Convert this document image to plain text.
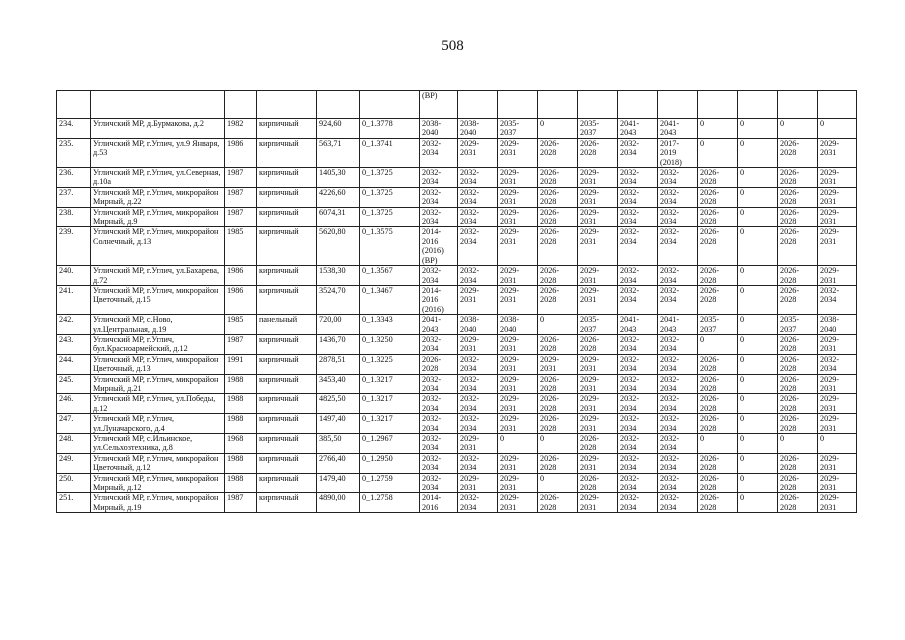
508
						(ВР)										
234.	Угличский МР, д.Бурмакова, д.2	1982	кирпичный	924,60	0_1.3778	2038-
2040	2038-
2040	2035-
2037	0	2035-
2037	2041-
2043	2041-
2043	0	0	0	0
235.	Угличский МР, г.Углич, ул.9 Января, д.53	1986	кирпичный	563,71	0_1.3741	2032-
2034	2029-
2031	2029-
2031	2026-
2028	2026-
2028	2032-
2034	2017-
2019
(2018)	0	0	2026-
2028	2029-
2031
236.	Угличский МР, г.Углич, ул.Северная, д.10а	1987	кирпичный	1405,30	0_1.3725	2032-
2034	2032-
2034	2029-
2031	2026-
2028	2029-
2031	2032-
2034	2032-
2034	2026-
2028	0	2026-
2028	2029-
2031
237.	Угличский МР, г.Углич, микрорайон Мирный, д.22	1987	кирпичный	4226,60	0_1.3725	2032-
2034	2032-
2034	2029-
2031	2026-
2028	2029-
2031	2032-
2034	2032-
2034	2026-
2028	0	2026-
2028	2029-
2031
238.	Угличский МР, г.Углич, микрорайон Мирный, д.9	1987	кирпичный	6074,31	0_1.3725	2032-
2034	2032-
2034	2029-
2031	2026-
2028	2029-
2031	2032-
2034	2032-
2034	2026-
2028	0	2026-
2028	2029-
2031
239.	Угличский МР, г.Углич, микрорайон Солнечный, д.13	1985	кирпичный	5620,80	0_1.3575	2014-
2016
(2016)
(ВР)	2032-
2034	2029-
2031	2026-
2028	2029-
2031	2032-
2034	2032-
2034	2026-
2028	0	2026-
2028	2029-
2031
240.	Угличский МР, г.Углич, ул.Бахарева, д.72	1986	кирпичный	1538,30	0_1.3567	2032-
2034	2032-
2034	2029-
2031	2026-
2028	2029-
2031	2032-
2034	2032-
2034	2026-
2028	0	2026-
2028	2029-
2031
241.	Угличский МР, г.Углич, микрорайон Цветочный, д.15	1986	кирпичный	3524,70	0_1.3467	2014-
2016
(2016)	2029-
2031	2029-
2031	2026-
2028	2029-
2031	2032-
2034	2032-
2034	2026-
2028	0	2026-
2028	2032-
2034
242.	Угличский МР, с.Ново, ул.Центральная, д.19	1985	панельный	720,00	0_1.3343	2041-
2043	2038-
2040	2038-
2040	0	2035-
2037	2041-
2043	2041-
2043	2035-
2037	0	2035-
2037	2038-
2040
243.	Угличский МР, г.Углич, бул.Красноармейский, д.12	1987	кирпичный	1436,70	0_1.3250	2032-
2034	2029-
2031	2029-
2031	2026-
2028	2026-
2028	2032-
2034	2032-
2034	0	0	2026-
2028	2029-
2031
244.	Угличский МР, г.Углич, микрорайон Цветочный, д.13	1991	кирпичный	2878,51	0_1.3225	2026-
2028	2032-
2034	2029-
2031	2029-
2031	2029-
2031	2032-
2034	2032-
2034	2026-
2028	0	2026-
2028	2032-
2034
245.	Угличский МР, г.Углич, микрорайон Мирный, д.21	1988	кирпичный	3453,40	0_1.3217	2032-
2034	2032-
2034	2029-
2031	2026-
2028	2029-
2031	2032-
2034	2032-
2034	2026-
2028	0	2026-
2028	2029-
2031
246.	Угличский МР, г.Углич, ул.Победы, д.12	1988	кирпичный	4825,50	0_1.3217	2032-
2034	2032-
2034	2029-
2031	2026-
2028	2029-
2031	2032-
2034	2032-
2034	2026-
2028	0	2026-
2028	2029-
2031
247.	Угличский МР, г.Углич, ул.Луначарского, д.4	1988	кирпичный	1497,40	0_1.3217	2032-
2034	2032-
2034	2029-
2031	2026-
2028	2029-
2031	2032-
2034	2032-
2034	2026-
2028	0	2026-
2028	2029-
2031
248.	Угличский МР, с.Ильинское, ул.Сельхозтехника, д.8	1968	кирпичный	385,50	0_1.2967	2032-
2034	2029-
2031	0	0	2026-
2028	2032-
2034	2032-
2034	0	0	0	0
249.	Угличский МР, г.Углич, микрорайон Цветочный, д.12	1988	кирпичный	2766,40	0_1.2950	2032-
2034	2032-
2034	2029-
2031	2026-
2028	2029-
2031	2032-
2034	2032-
2034	2026-
2028	0	2026-
2028	2029-
2031
250.	Угличский МР, г.Углич, микрорайон Мирный, д.12	1988	кирпичный	1479,40	0_1.2759	2032-
2034	2029-
2031	2029-
2031	0	2026-
2028	2032-
2034	2032-
2034	2026-
2028	0	2026-
2028	2029-
2031
251.	Угличский МР, г.Углич, микрорайон Мирный, д.19	1987	кирпичный	4890,00	0_1.2758	2014-
2016	2032-
2034	2029-
2031	2026-
2028	2029-
2031	2032-
2034	2032-
2034	2026-
2028	0	2026-
2028	2029-
2031
